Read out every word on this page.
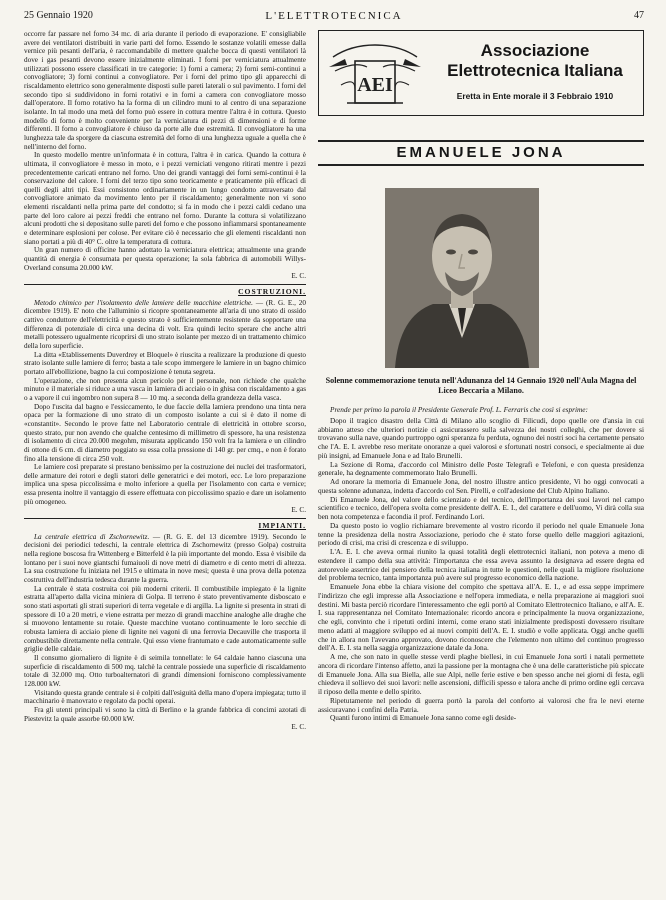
25 Gennaio 1920	L'ELETTROTECNICA	47

occorre far passare nel forno 34 mc. di aria durante il periodo di evaporazione. E' consigliabile avere dei ventilatori distribuiti in varie parti del forno. Essendo le sostanze volatili emesse dalla vernice più pesanti dell'aria, è raccomandabile di mettere qualche bocca di questi ventilatori là dove i gas pesanti devono essere inizialmente eliminati. I forni per verniciatura attualmente utilizzati possono essere classificati in tre categorie: 1) forni a camera; 2) forni semi-continui a convogliatore; 3) forni continui a convogliatore. Per i forni del primo tipo gli apparecchi di riscaldamento elettrico sono generalmente disposti sulle pareti laterali o sul pavimento. I forni del secondo tipo si suddividono in forni rotativi e in forni a camera con convogliatore mosso dall'operatore. Il forno rotativo ha la forma di un cilindro muni to al centro di una separazione isolante. In tal modo una metà del forno può essere in cottura mentre l'altra è in cottura. Questo modello di forno è molto conveniente per la verniciatura di pezzi di dimensioni e di forme differenti. Il forno a convogliatore è chiuso da porte alle due estremità. Il convogliatore ha una lunghezza tale da sporgere da ciascuna estremità del forno di una lunghezza uguale a quella che è nell'interno del forno.

In questo modello mentre un'informata è in cottura, l'altra è in carica. Quando la cottura è ultimata, il convogliatore è messo in moto, e i pezzi verniciati vengono ritirati mentre i pezzi precedentemente caricati entrano nel forno. Uno dei grandi vantaggi dei forni semi-continui è la conservazione del calore. I forni del terzo tipo sono teoricamente e praticamente più efficaci di quelli degli altri tipi. Essi consistono ordinariamente in un lungo condotto attraversato dal convogliatore animato da movimento lento per il riscaldamento; generalmente non vi sono elementi riscaldanti nella prima parte del condotto; si fa in modo che i pezzi caldi cedano una parte del loro calore ai pezzi freddi che entrano nel forno. Durante la cottura si volatilizzano alcuni prodotti che si depositano sulle pareti del forno e che possono infiammarsi spontaneamente e determinare esplosioni per colose. Per evitare ciò è necessario che gli elementi riscaldanti non siano portati a più di 40° C. oltre la temperatura di cottura.

Un gran numero di officine hanno adottato la verniciatura elettrica; attualmente una grande quantità di energia è consumata per questa operazione; la sola fabbrica di automobili Willys-Overland consuma 20.000 kW.

E. C.
COSTRUZIONI.

Metodo chimico per l'isolamento delle lamiere delle macchine elettriche. — (R. G. E., 20 dicembre 1919). E' noto che l'alluminio si ricopre spontaneamente all'aria di uno strato di ossido cattivo conduttore dell'elettricità e questo strato è sufficientemente resistente da sopportare una differenza di potenziale di circa una decina di volt. Era quindi lecito sperare che anche altri metalli potessero ugualmente ricoprirsi di uno strato isolante per mezzo di un trattamento chimico della loro superficie.

La ditta «Etablissements Duverdrey et Bloquel» è riuscita a realizzare la produzione di questo strato isolante sulle lamiere di ferro; basta a tale scopo immergere le lamiere in un bagno chimico portato all'ebollizione, bagno la cui composizione è tenuta segreta.

L'operazione, che non presenta alcun pericolo per il personale, non richiede che qualche minuto e il materiale si riduce a una vasca in lamiera di acciaio o in ghisa con riscaldamento a gas o a vapore il cui ingombro non supera 8 — 10 mq. a seconda della grandezza della vasca.

Dopo l'uscita dal bagno e l'essiccamento, le due faccie della lamiera prendono una tinta nera opaca per la formazione di uno strato di un composto isolante a cui si è dato il nome di «constantit». Secondo le prove fatte nel Laboratorio centrale di elettricità in ottobre scorso, questo strato, pur non avendo che qualche centesimo di millimetro di spessore, ha una resistenza di isolamento di circa 20.000 megohm, misurata applicando 150 volt fra la lamiera e un cilindro di ottone di 6 cm. di diametro poggiato su essa colla pressione di 140 gr. per cmq., e non è forato fino alla tensione di circa 250 volt.

Le lamiere così preparate si prestano benissimo per la costruzione dei nuclei dei trasformatori, delle armature dei rotori e degli statori delle generatrici e dei motori, ecc. Le loro preparazione implica una spesa piccolissima e molto inferiore a quella per l'isolamento con carta e vernice; essa presenta inoltre il vantaggio di essere effettuata con piccolissimo spazio e dare un isolamento più omogeneo.

E. C.
IMPIANTI.

La centrale elettrica di Zschornewitz. — (R. G. E. del 13 dicembre 1919). Secondo le decisioni dei periodici tedeschi, la centrale elettrica di Zschornewitz (presso Golpa) costruita nella regione boscosa fra Wittenberg e Bitterfeld è la più importante del mondo. Essa è visibile da lontano per i suoi nove giantschi fumaiuoli di nove metri di diametro e di cento metri di altezza. La sua costruzione fu iniziata nel 1915 e ultimata in nove mesi; questa è una prova della potenza costruttiva dell'industria tedesca durante la guerra.

La centrale è stata costruita coi più moderni criterii. Il combustibile impiegato è la lignite estratta all'aperto dalla vicina miniera di Golpa. Il terreno è stato preventivamente disboscato e sono stati asportati gli strati superiori di terra vegetale e di argilla. La lignite si presenta in strati di spessore di 10 a 20 metri, e viene estratta per mezzo di grandi macchine analoghe alle draghe che si muovono lentamente su rotaie. Queste macchine vuotano continuamente le loro secchie di robusta lamiera di acciaio piene di lignite nei vagoni di una ferrovia Decauville che trasporta il combustibile direttamente nella centrale. Qui esso viene frantumato e cade automaticamente sulle griglie delle caldaie.

Il consumo giornaliero di lignite è di seimila tonnellate: le 64 caldaie hanno ciascuna una superficie di riscaldamento di 500 mq. talchè la centrale possiede una superficie di riscaldamento totale di 32.000 mq. Otto turboalternatori di grandi dimensioni forniscono complessivamente 128.000 kW.

Visitando questa grande centrale si è colpiti dall'esiguità della mano d'opera impiegata; tutto il macchinario è manovrato e regolato da pochi operai.

Fra gli utenti principali vi sono la città di Berlino e la grande fabbrica di concimi azotati di Piestevitz la quale assorbe 60.000 kW.

E. C.
AEI
Associazione
Elettrotecnica Italiana
Eretta in Ente morale il 3 Febbraio 1910
EMANUELE JONA
Solenne commemorazione tenuta nell'Adunanza del 14 Gennaio 1920 nell'Aula Magna del Liceo Beccaria a Milano.

Prende per primo la parola il Presidente Generale Prof. L. Ferraris che così si esprime:

Dopo il tragico disastro della Città di Milano allo scoglio di Filicudi, dopo quelle ore d'ansia in cui abbiamo atteso che ulteriori notizie ci assicurassero sulla salvezza dei nostri colleghi, che per dovere si trovavano sulla nave, quando purtroppo ogni speranza fu perduta, ognuno dei nostri soci ha certamente pensato che l'A. E. I. avrebbe reso meritate onoranze a quei valorosi e sfortunati nostri consoci, e specialmente ai due più insigni, ad Emanuele Jona e ad Italo Brunelli.

La Sezione di Roma, d'accordo col Ministro delle Poste Telegrafi e Telefoni, e con questa presidenza generale, ha degnamente commemorato Italo Brunelli.

Ad onorare la memoria di Emanuele Jona, del nostro illustre antico presidente, Vi ho oggi convocati a questa solenne adunanza, indetta d'accordo col Sen. Pirelli, e coll'adesione del Club Alpino Italiano.

Di Emanuele Jona, del valore dello scienziato e del tecnico, dell'importanza dei suoi lavori nel campo scientifico e tecnico, dell'opera svolta come presidente dell'A. E. I., del carattere e dell'uomo, Vi dirà colla sua ben nota competenza e facondia il prof. Ferdinando Lori.

Da questo posto io voglio richiamare brevemente al vostro ricordo il periodo nel quale Emanuele Jona tenne la presidenza della nostra Associazione, periodo che è stato forse quello delle maggiori agitazioni, periodo di crisi, ma crisi di crescenza e di sviluppo.

L'A. E. I. che aveva ormai riunito la quasi totalità degli elettrotecnici italiani, non poteva a meno di estendere il campo della sua attività: l'importanza che essa aveva assunto la designava ad essere degna ed autorevole assertrice dei pensiero della tecnica italiana in tutte le questioni, nelle quali la migliore risoluzione del problema tecnico, tanta importanza può avere sul progresso economico della nazione.

Emanuele Jona ebbe la chiara visione del compito che spettava all'A. E. I., e ad essa seppe imprimere l'indirizzo che egli impresse alla Associazione e nell'opera immediata, e nella preparazione ai maggiori suoi destini. Mi basta perciò ricordare l'interessamento che egli portò al Comitato Elettrotecnico Italiano, e all'A. E. I. sua rappresentanza nel Comitato Internazionale: ricordo ancora e principalmente la nuova organizzazione, che egli, convinto che i ripetuti ordini interni, come erano stati inizialmente predisposti dovessero risultare meno adatti al maggiore sviluppo ed ai nuovi compiti dell'A. E. I. studiò e volle applicata. Oggi anche quelli che in allora non l'avevano approvato, dovono riconoscere che l'elemento non ultimo del continuo progresso dell'A. E. I. sta nella saggia organizzazione datale da Jona.

A me, che son nato in quelle stesse verdi plaghe biellesi, in cui Emanuele Jona sortì i natali permettete ancora di ricordare l'intenso affetto, anzi la passione per la montagna che è una delle caratteristiche più spiccate di Emanuele Jona. Alla sua Biella, alle sue Alpi, nelle ferie estive e ben spesso anche nei giorni di festa, egli chiedeva il sollievo dei suoi lavori: nelle ascensioni, difficili spesso e talora anche di primo ordine egli cercava il riposo della mente e dello spirito.

Ripetutamente nel periodo di guerra portò la parola del conforto ai valorosi che fra le nevi eterne assicuravano i confini della Patria.

Quanti furono intimi di Emanuele Jona sanno come egli deside-
